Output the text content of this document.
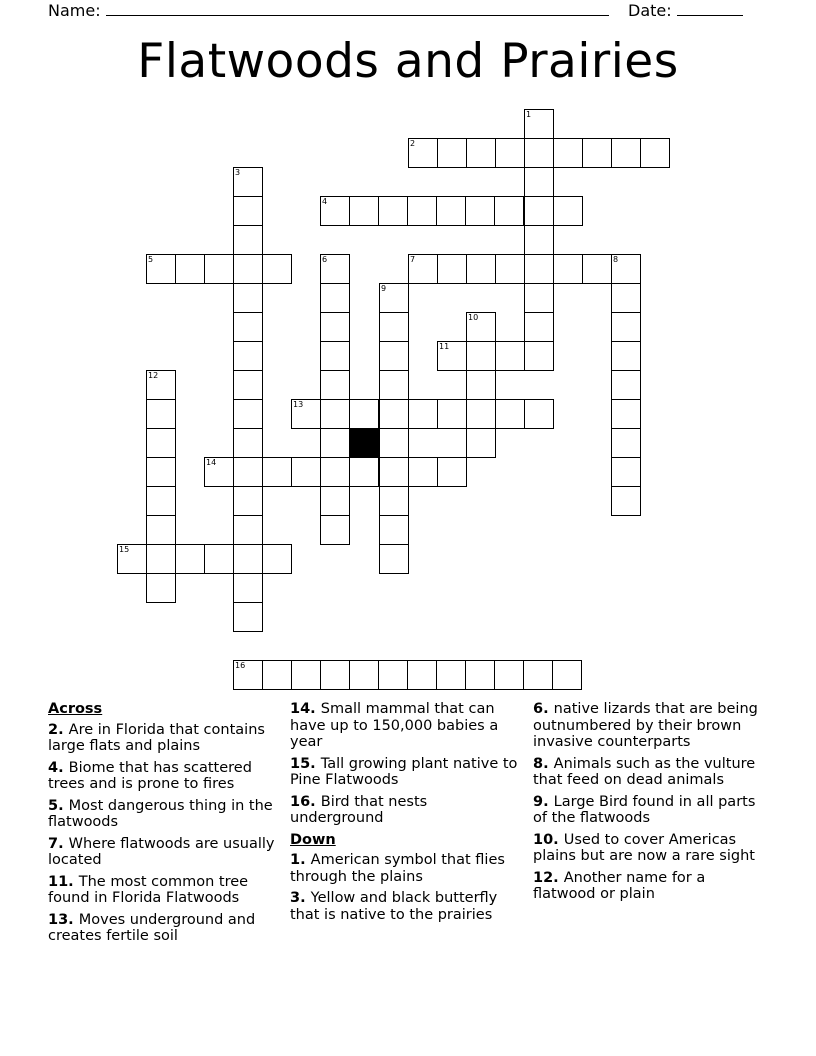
Name:	Date:
Flatwoods and Prairies
1
2
3
4
5	6	7	8
9
10
11
12
13
14
15
16
Across
2. Are in Florida that contains large flats and plains
4. Biome that has scattered trees and is prone to fires
5. Most dangerous thing in the flatwoods
7. Where flatwoods are usually located
11. The most common tree found in Florida Flatwoods
13. Moves underground and creates fertile soil
14. Small mammal that can have up to 150,000 babies a year
15. Tall growing plant native to Pine Flatwoods
16. Bird that nests underground
Down
1. American symbol that flies through the plains
3. Yellow and black butterfly that is native to the prairies
6. native lizards that are being outnumbered by their brown invasive counterparts
8. Animals such as the vulture that feed on dead animals
9. Large Bird found in all parts of the flatwoods
10. Used to cover Americas plains but are now a rare sight
12. Another name for a flatwood or plain
